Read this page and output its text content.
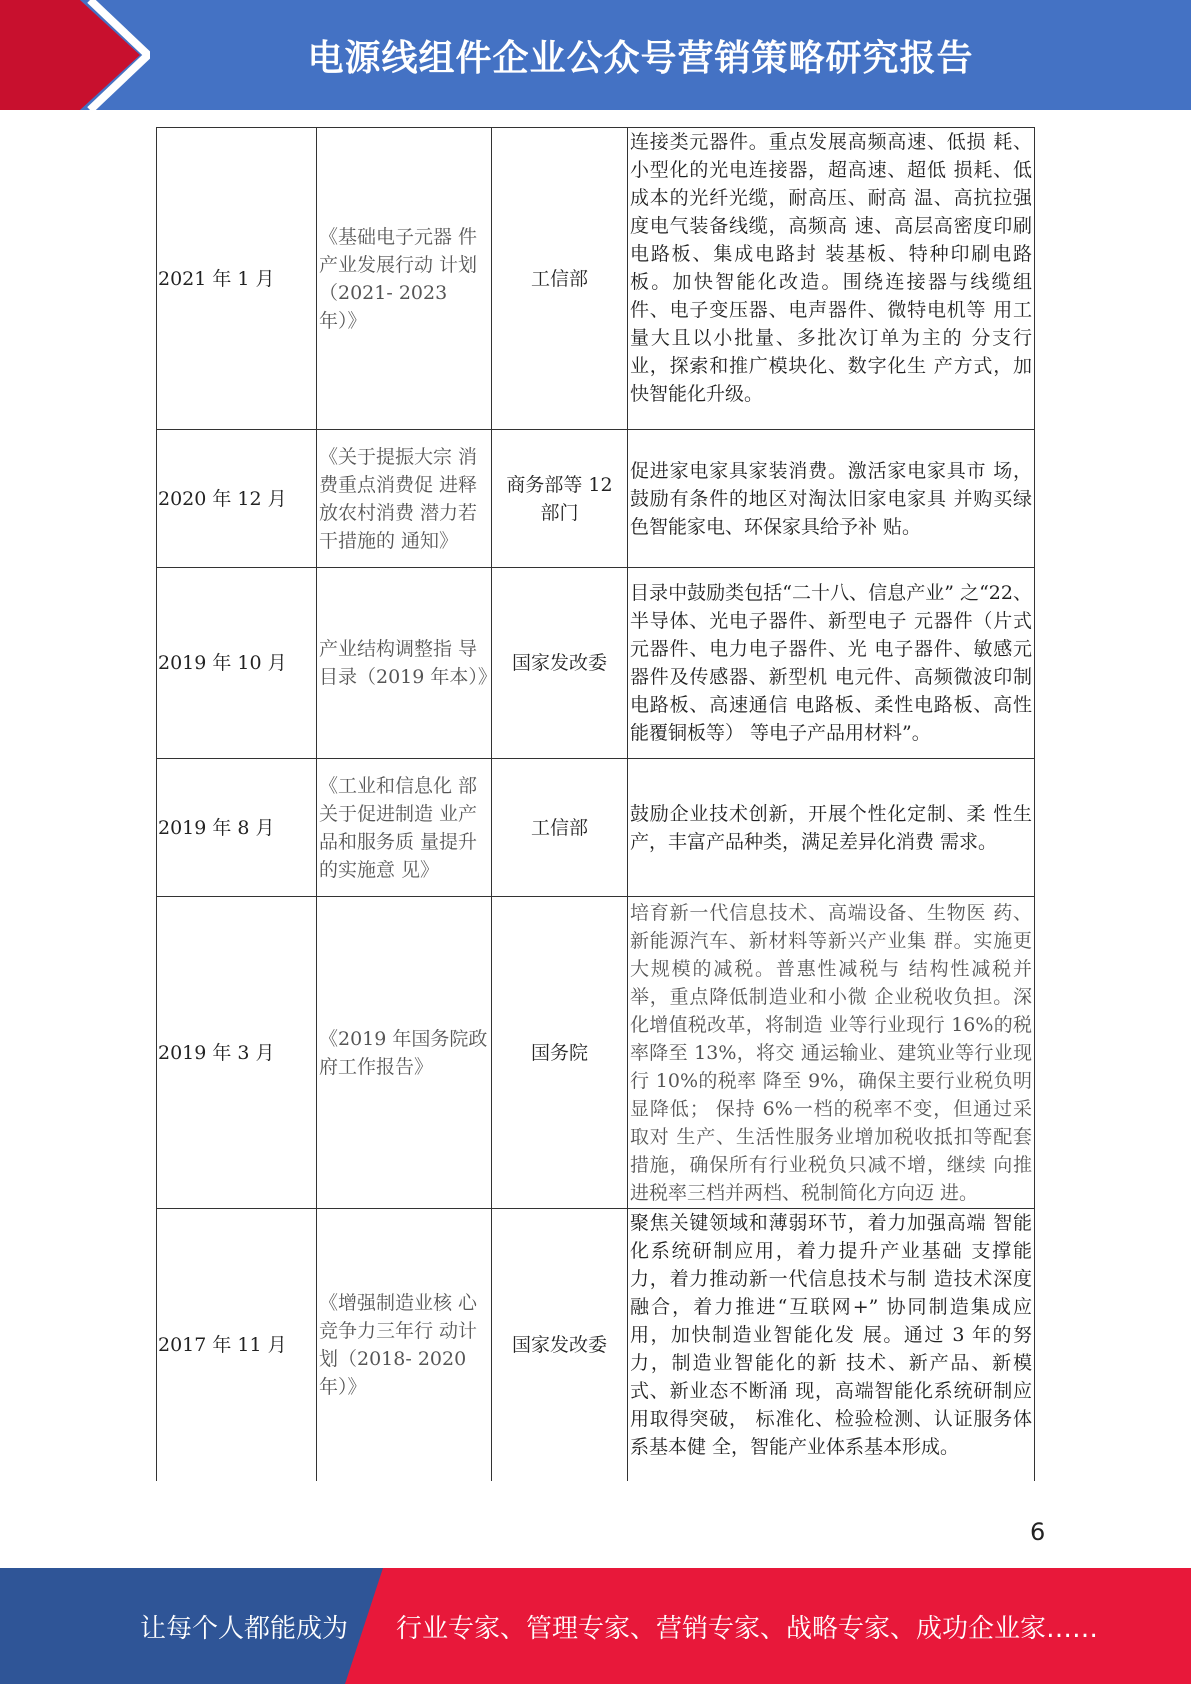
电源线组件企业公众号营销策略研究报告
2021 年 1 月	《基础电子元器 件产业发展行动 计划（2021- 2023 年）》	工信部	连接类元器件。重点发展高频高速、低损 耗、小型化的光电连接器，超高速、超低 损耗、低成本的光纤光缆，耐高压、耐高 温、高抗拉强度电气装备线缆，高频高 速、高层高密度印刷电路板、集成电路封 装基板、特种印刷电路板。加快智能化改造。围绕连接器与线缆组 件、电子变压器、电声器件、微特电机等 用工量大且以小批量、多批次订单为主的 分支行业，探索和推广模块化、数字化生 产方式，加快智能化升级。
2020 年 12 月	《关于提振大宗 消费重点消费促 进释放农村消费 潜力若干措施的 通知》	商务部等 12 部门	促进家电家具家装消费。激活家电家具市 场，鼓励有条件的地区对淘汰旧家电家具 并购买绿色智能家电、环保家具给予补 贴。
2019 年 10 月	产业结构调整指 导目录（2019 年本）》	国家发改委	目录中鼓励类包括“二十八、信息产业” 之“22、半导体、光电子器件、新型电子 元器件（片式元器件、电力电子器件、光 电子器件、敏感元器件及传感器、新型机 电元件、高频微波印制电路板、高速通信 电路板、柔性电路板、高性能覆铜板等） 等电子产品用材料”。
2019 年 8 月	《工业和信息化 部关于促进制造 业产品和服务质 量提升的实施意 见》	工信部	鼓励企业技术创新，开展个性化定制、柔 性生产，丰富产品种类，满足差异化消费 需求。
2019 年 3 月	《2019 年国务院政府工作报告》	国务院	培育新一代信息技术、高端设备、生物医 药、新能源汽车、新材料等新兴产业集 群。实施更大规模的减税。普惠性减税与 结构性减税并举，重点降低制造业和小微 企业税收负担。深化增值税改革，将制造 业等行业现行 16%的税率降至 13%，将交 通运输业、建筑业等行业现行 10%的税率 降至 9%，确保主要行业税负明显降低； 保持 6%一档的税率不变，但通过采取对 生产、生活性服务业增加税收抵扣等配套 措施，确保所有行业税负只减不增，继续 向推进税率三档并两档、税制简化方向迈 进。
2017 年 11 月	《增强制造业核 心竞争力三年行 动计划（2018- 2020 年）》	国家发改委	聚焦关键领域和薄弱环节，着力加强高端 智能化系统研制应用，着力提升产业基础 支撑能力，着力推动新一代信息技术与制 造技术深度融合，着力推进“互联网+” 协同制造集成应用，加快制造业智能化发 展。通过 3 年的努力，制造业智能化的新 技术、新产品、新模式、新业态不断涌 现，高端智能化系统研制应用取得突破， 标准化、检验检测、认证服务体系基本健 全，智能产业体系基本形成。
6
让每个人都能成为 行业专家、管理专家、营销专家、战略专家、成功企业家……
